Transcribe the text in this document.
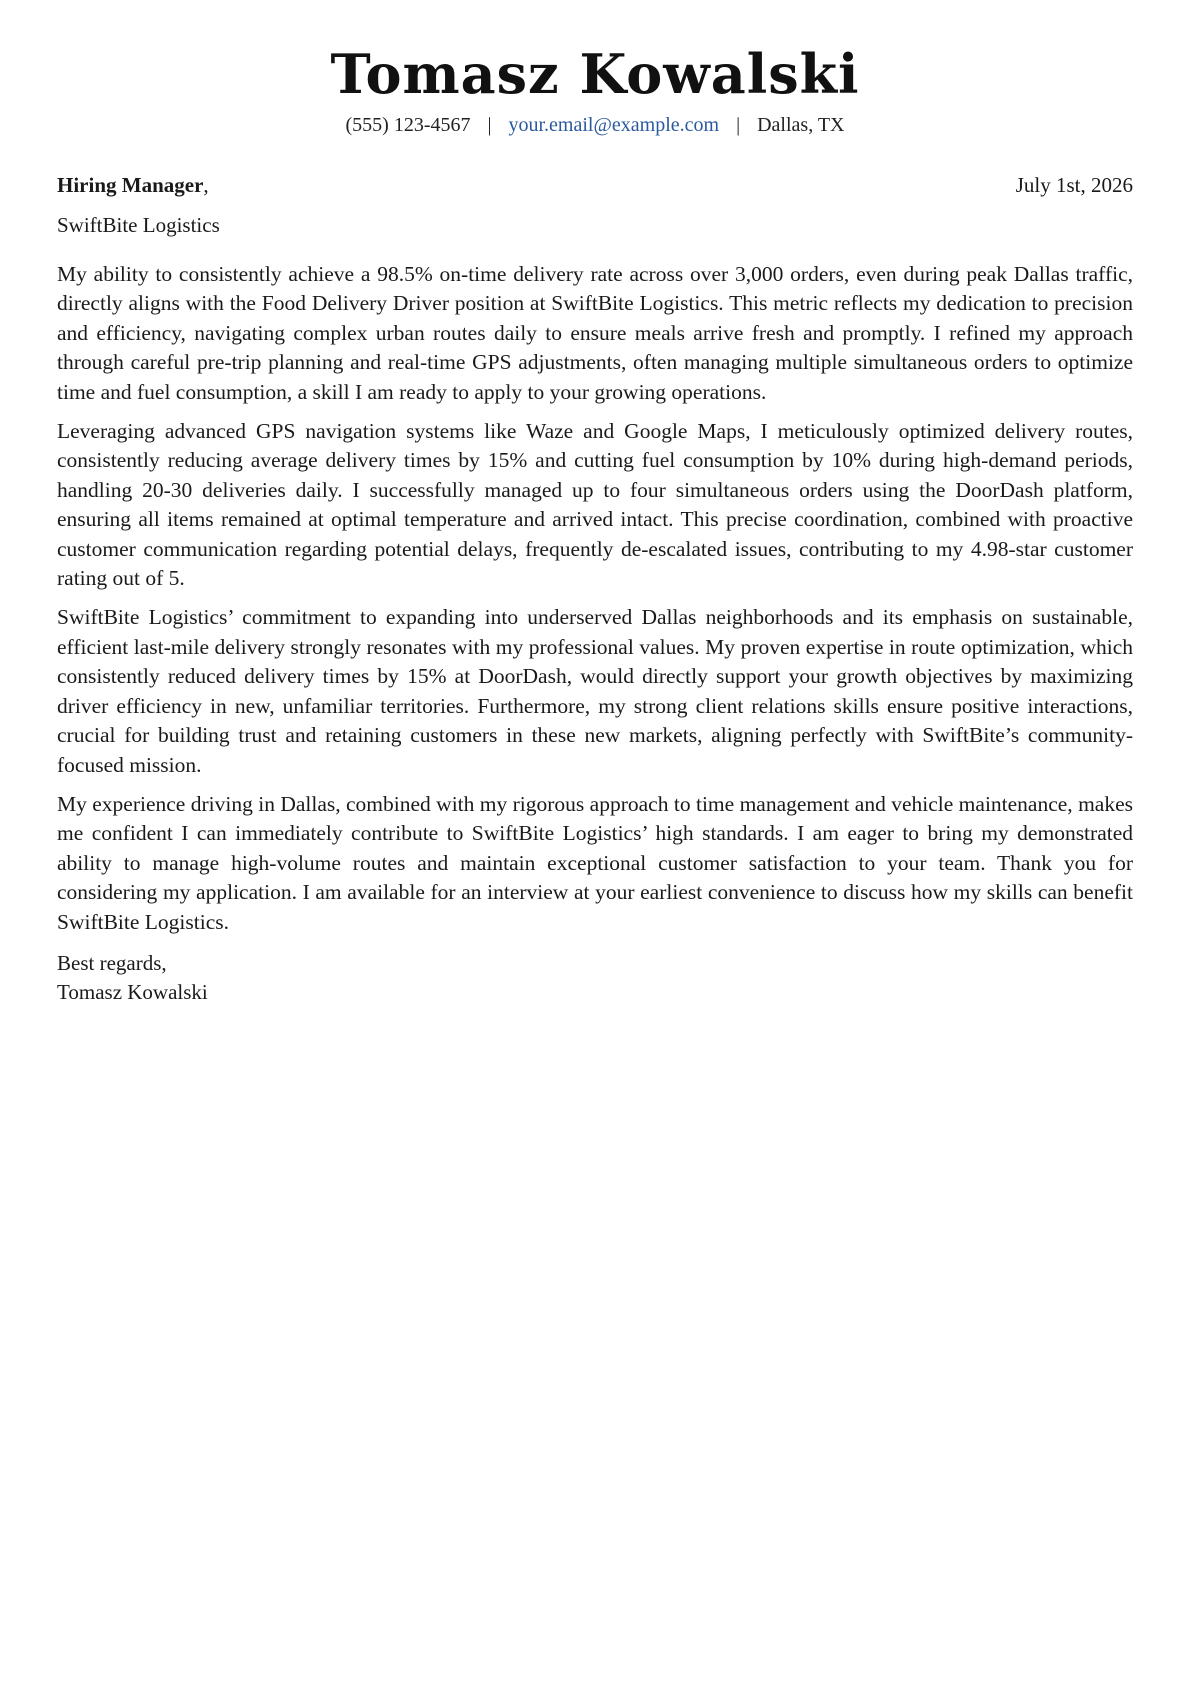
Tomasz Kowalski
(555) 123-4567 | your.email@example.com | Dallas, TX
Hiring Manager,	July 1st, 2026
SwiftBite Logistics

My ability to consistently achieve a 98.5% on-time delivery rate across over 3,000 orders, even during peak Dallas traffic, directly aligns with the Food Delivery Driver position at SwiftBite Logistics. This metric reflects my dedication to precision and efficiency, navigating complex urban routes daily to ensure meals arrive fresh and promptly. I refined my approach through careful pre-trip planning and real-time GPS adjustments, often managing multiple simultaneous orders to optimize time and fuel consumption, a skill I am ready to apply to your growing operations.

Leveraging advanced GPS navigation systems like Waze and Google Maps, I meticulously optimized delivery routes, consistently reducing average delivery times by 15% and cutting fuel consumption by 10% during high-demand periods, handling 20-30 deliveries daily. I successfully managed up to four simultaneous orders using the DoorDash platform, ensuring all items remained at optimal temperature and arrived intact. This precise coordination, combined with proactive customer communication regarding potential delays, frequently de-escalated issues, contributing to my 4.98-star customer rating out of 5.

SwiftBite Logistics’ commitment to expanding into underserved Dallas neighborhoods and its emphasis on sustainable, efficient last-mile delivery strongly resonates with my professional values. My proven expertise in route optimization, which consistently reduced delivery times by 15% at DoorDash, would directly support your growth objectives by maximizing driver efficiency in new, unfamiliar territories. Furthermore, my strong client relations skills ensure positive interactions, crucial for building trust and retaining customers in these new markets, aligning perfectly with SwiftBite’s community-focused mission.

My experience driving in Dallas, combined with my rigorous approach to time management and vehicle maintenance, makes me confident I can immediately contribute to SwiftBite Logistics’ high standards. I am eager to bring my demonstrated ability to manage high-volume routes and maintain exceptional customer satisfaction to your team. Thank you for considering my application. I am available for an interview at your earliest convenience to discuss how my skills can benefit SwiftBite Logistics.

Best regards,
Tomasz Kowalski
